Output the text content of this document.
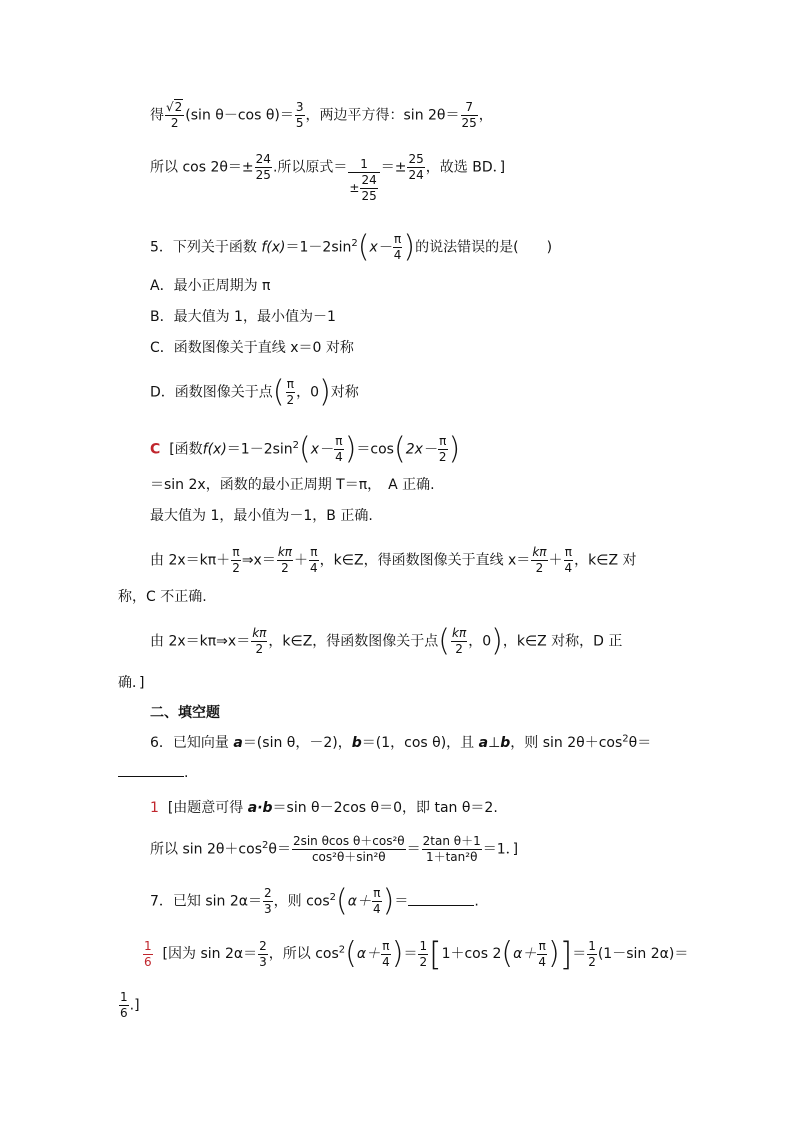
得 $\frac{√2}{2} (\sin$ θ－cos $\theta)= \frac{3}{5}$ ，两边平方得：$\sin 2\theta= \frac{7}{25}$ ，
所以 $\cos 2\theta=\pm \frac{24}{25}$ .所以原式＝ $\frac{1}{\pm \frac{24}{25}} =\pm \frac{25}{24}$ ，故选 BD．]
5．下列关于函数 $f(x)=1-2\sin^2(x- \frac{\pi}{4}$ )的说法错误的是(　　)
A．最小正周期为 π
B．最大值为 1，最小值为－1
C．函数图像关于直线 x＝0 对称
D．函数图像关于点( $\frac{\pi}{2}$ ，0)对称
C [函数$f(x)=1-2\sin^2(x- \frac{\pi}{4} )=\cos(2x- \frac{\pi}{2}$ )
＝sin 2x，函数的最小正周期 T＝π，　A 正确.
最大值为 1，最小值为－1，B 正确.
由 $2x=k\pi+ \frac{\pi}{2}$ ⇒x＝ $\frac{k\pi}{2} + \frac{\pi}{4}$ ，k∈Z，得函数图像关于直线 $x= \frac{k\pi}{2} + \frac{\pi}{4}$ ，k∈Z 对
称，C 不正确.
由 2x＝kπ⇒x＝ $\frac{k\pi}{2}$ ，k∈Z，得函数图像关于点( $\frac{k\pi}{2}$ ，0)，k∈Z 对称，D 正
确．]
二、填空题
6．已知向量 a＝(sin θ，－2)，b＝(1，cos θ)，且 a⊥b，则 $\sin 2\theta+\cos^2\theta=$
.
1 [由题意可得 a·b＝sin θ－2cos θ＝0，即 tan θ＝2.
所以 $\sin 2\theta+\cos^2\theta= \frac{\text{2sin θcos θ＋cos²θ}}{\text{cos²θ＋sin²θ}} = \frac{\text{2tan θ＋1}}{\text{1＋tan²θ}} =1$．]
7．已知 $\sin 2\alpha= \frac{2}{3}$ ，则 $\cos^2(\alpha+ \frac{\pi}{4}$ )＝	.
$\frac{1}{6}$ [因为 $\sin 2\alpha= \frac{2}{3}$ ，所以 $\cos^2(\alpha+ \frac{\pi}{4}$ )＝ $\frac{1}{2} [1+\cos$ $2(\alpha+ \frac{\pi}{4}$ )]＝ $\frac{1}{2} (1-\sin$ 2α)＝
$\frac{1}{6}$ .]
